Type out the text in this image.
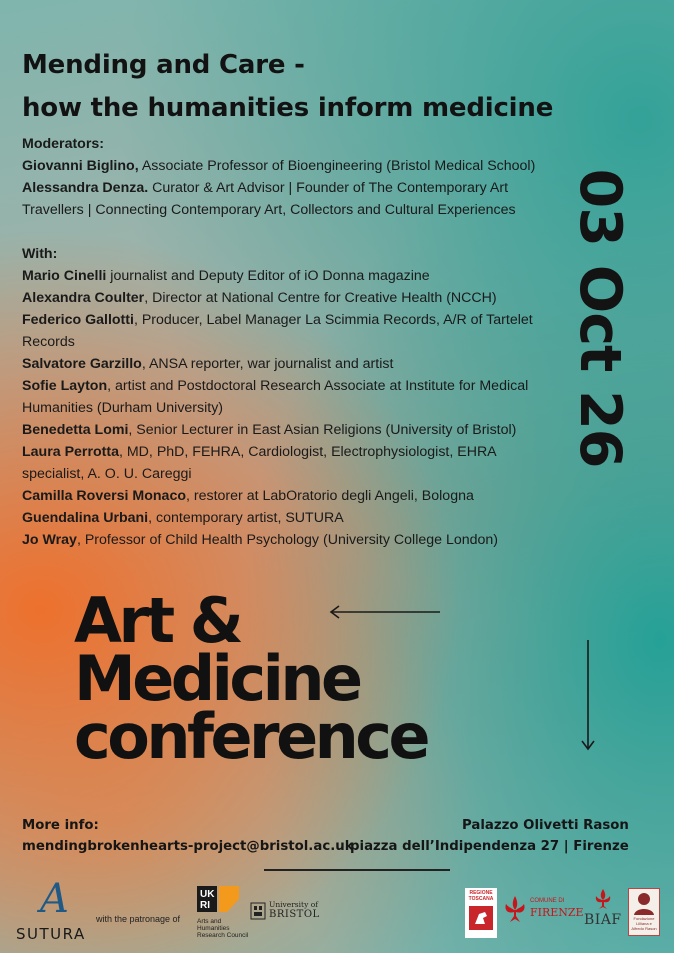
Mending and Care -
how the humanities inform medicine

Moderators:

Giovanni Biglino, Associate Professor of Bioengineering (Bristol Medical School)

Alessandra Denza. Curator & Art Advisor | Founder of The Contemporary Art Travellers | Connecting Contemporary Art, Collectors and Cultural Experiences

With:

Mario Cinelli journalist and Deputy Editor of iO Donna magazine

Alexandra Coulter, Director at National Centre for Creative Health (NCCH)

Federico Gallotti, Producer, Label Manager La Scimmia Records, A/R of Tartelet Records

Salvatore Garzillo, ANSA reporter, war journalist and artist

Sofie Layton, artist and Postdoctoral Research Associate at Institute for Medical Humanities (Durham University)

Benedetta Lomi, Senior Lecturer in East Asian Religions (University of Bristol)

Laura Perrotta, MD, PhD, FEHRA, Cardiologist, Electrophysiologist, EHRA specialist, A. O. U. Careggi

Camilla Roversi Monaco, restorer at LabOratorio degli Angeli, Bologna

Guendalina Urbani, contemporary artist, SUTURA

Jo Wray, Professor of Child Health Psychology (University College London)

03 Oct 26
Art &
Medicine
conference
More info:
mendingbrokenhearts-project@bristol.ac.uk
Palazzo Olivetti Rason
piazza dell’Indipendenza 27 | Firenze
A
SUTURA
with the patronage of
UK
RI
Arts and
Humanities
Research Council
University of
BRISTOL
REGIONE TOSCANA	COMUNE DI
FIRENZE BIAF	Fondazione Lilliana e Alfredo Rason
